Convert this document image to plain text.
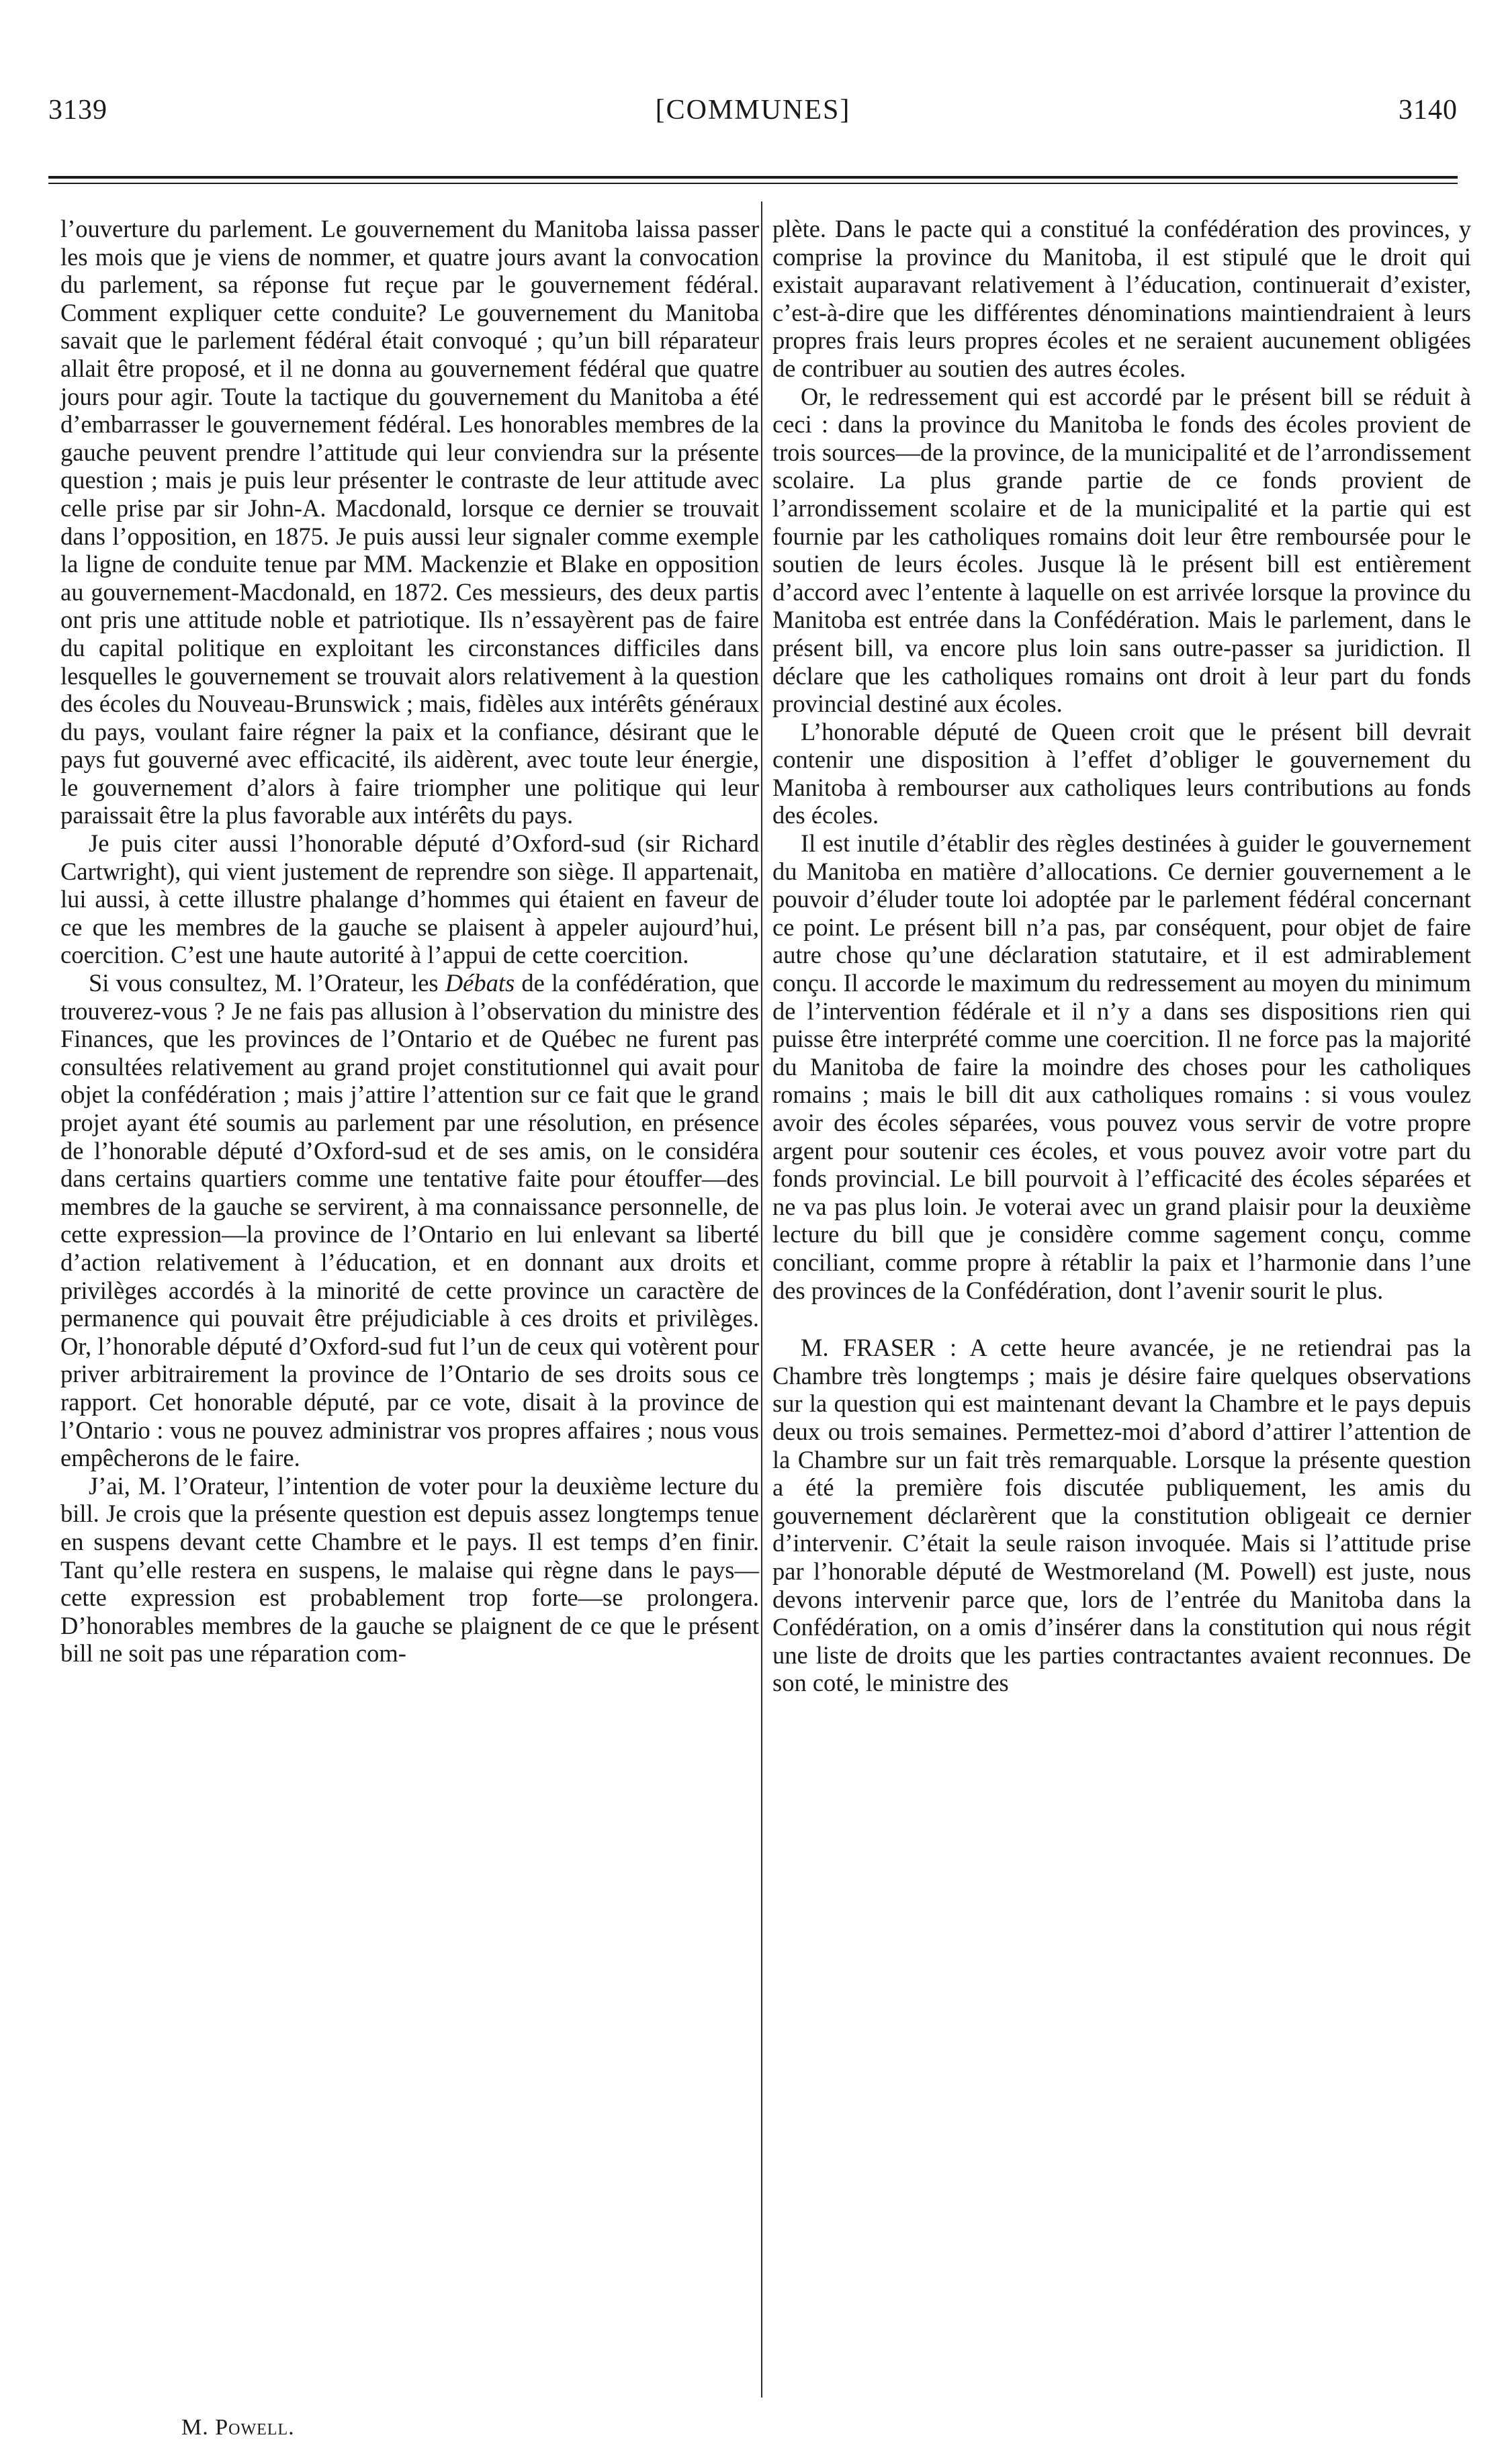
3139	[COMMUNES]	3140

l’ouverture du parlement. Le gouvernement du Manitoba laissa passer les mois que je viens de nommer, et quatre jours avant la convocation du parlement, sa réponse fut reçue par le gouvernement fédéral. Comment expliquer cette conduite? Le gouvernement du Manitoba savait que le parlement fédéral était convoqué ; qu’un bill réparateur allait être proposé, et il ne donna au gouvernement fédéral que quatre jours pour agir. Toute la tactique du gouvernement du Manitoba a été d’embarrasser le gouvernement fédéral. Les honorables membres de la gauche peuvent prendre l’attitude qui leur conviendra sur la présente question ; mais je puis leur présenter le contraste de leur attitude avec celle prise par sir John-A. Macdonald, lorsque ce dernier se trouvait dans l’opposition, en 1875. Je puis aussi leur signaler comme exemple la ligne de conduite tenue par MM. Mackenzie et Blake en opposition au gouvernement-Macdonald, en 1872. Ces messieurs, des deux partis ont pris une attitude noble et patriotique. Ils n’essayèrent pas de faire du capital politique en exploitant les circonstances difficiles dans lesquelles le gouvernement se trouvait alors relativement à la question des écoles du Nouveau-Brunswick ; mais, fidèles aux intérêts généraux du pays, voulant faire régner la paix et la confiance, désirant que le pays fut gouverné avec efficacité, ils aidèrent, avec toute leur énergie, le gouvernement d’alors à faire triompher une politique qui leur paraissait être la plus favorable aux intérêts du pays.

Je puis citer aussi l’honorable député d’Oxford-sud (sir Richard Cartwright), qui vient justement de reprendre son siège. Il appartenait, lui aussi, à cette illustre phalange d’hommes qui étaient en faveur de ce que les membres de la gauche se plaisent à appeler aujourd’hui, coercition. C’est une haute autorité à l’appui de cette coercition.

Si vous consultez, M. l’Orateur, les Débats de la confédération, que trouverez-vous ? Je ne fais pas allusion à l’observation du ministre des Finances, que les provinces de l’Ontario et de Québec ne furent pas consultées relativement au grand projet constitutionnel qui avait pour objet la confédération ; mais j’attire l’attention sur ce fait que le grand projet ayant été soumis au parlement par une résolution, en présence de l’honorable député d’Oxford-sud et de ses amis, on le considéra dans certains quartiers comme une tentative faite pour étouffer—des membres de la gauche se servirent, à ma connaissance personnelle, de cette expression—la province de l’Ontario en lui enlevant sa liberté d’action relativement à l’éducation, et en donnant aux droits et privilèges accordés à la minorité de cette province un caractère de permanence qui pouvait être préjudiciable à ces droits et privilèges. Or, l’honorable député d’Oxford-sud fut l’un de ceux qui votèrent pour priver arbitrairement la province de l’Ontario de ses droits sous ce rapport. Cet honorable député, par ce vote, disait à la province de l’Ontario : vous ne pouvez administrar vos propres affaires ; nous vous empêcherons de le faire.

J’ai, M. l’Orateur, l’intention de voter pour la deuxième lecture du bill. Je crois que la présente question est depuis assez longtemps tenue en suspens devant cette Chambre et le pays. Il est temps d’en finir. Tant qu’elle restera en suspens, le malaise qui règne dans le pays—cette expression est probablement trop forte—se prolongera. D’honorables membres de la gauche se plaignent de ce que le présent bill ne soit pas une réparation com-

M. Powell.

plète. Dans le pacte qui a constitué la confédération des provinces, y comprise la province du Manitoba, il est stipulé que le droit qui existait auparavant relativement à l’éducation, continuerait d’exister, c’est-à-dire que les différentes dénominations maintiendraient à leurs propres frais leurs propres écoles et ne seraient aucunement obligées de contribuer au soutien des autres écoles.

Or, le redressement qui est accordé par le présent bill se réduit à ceci : dans la province du Manitoba le fonds des écoles provient de trois sources—de la province, de la municipalité et de l’arrondissement scolaire. La plus grande partie de ce fonds provient de l’arrondissement scolaire et de la municipalité et la partie qui est fournie par les catholiques romains doit leur être remboursée pour le soutien de leurs écoles. Jusque là le présent bill est entièrement d’accord avec l’entente à laquelle on est arrivée lorsque la province du Manitoba est entrée dans la Confédération. Mais le parlement, dans le présent bill, va encore plus loin sans outre-passer sa juridiction. Il déclare que les catholiques romains ont droit à leur part du fonds provincial destiné aux écoles.

L’honorable député de Queen croit que le présent bill devrait contenir une disposition à l’effet d’obliger le gouvernement du Manitoba à rembourser aux catholiques leurs contributions au fonds des écoles.

Il est inutile d’établir des règles destinées à guider le gouvernement du Manitoba en matière d’allocations. Ce dernier gouvernement a le pouvoir d’éluder toute loi adoptée par le parlement fédéral concernant ce point. Le présent bill n’a pas, par conséquent, pour objet de faire autre chose qu’une déclaration statutaire, et il est admirablement conçu. Il accorde le maximum du redressement au moyen du minimum de l’intervention fédérale et il n’y a dans ses dispositions rien qui puisse être interprété comme une coercition. Il ne force pas la majorité du Manitoba de faire la moindre des choses pour les catholiques romains ; mais le bill dit aux catholiques romains : si vous voulez avoir des écoles séparées, vous pouvez vous servir de votre propre argent pour soutenir ces écoles, et vous pouvez avoir votre part du fonds provincial. Le bill pourvoit à l’efficacité des écoles séparées et ne va pas plus loin. Je voterai avec un grand plaisir pour la deuxième lecture du bill que je considère comme sagement conçu, comme conciliant, comme propre à rétablir la paix et l’harmonie dans l’une des provinces de la Confédération, dont l’avenir sourit le plus.

M. FRASER : A cette heure avancée, je ne retiendrai pas la Chambre très longtemps ; mais je désire faire quelques observations sur la question qui est maintenant devant la Chambre et le pays depuis deux ou trois semaines. Permettez-moi d’abord d’attirer l’attention de la Chambre sur un fait très remarquable. Lorsque la présente question a été la première fois discutée publiquement, les amis du gouvernement déclarèrent que la constitution obligeait ce dernier d’intervenir. C’était la seule raison invoquée. Mais si l’attitude prise par l’honorable député de Westmoreland (M. Powell) est juste, nous devons intervenir parce que, lors de l’entrée du Manitoba dans la Confédération, on a omis d’insérer dans la constitution qui nous régit une liste de droits que les parties contractantes avaient reconnues. De son coté, le ministre des
